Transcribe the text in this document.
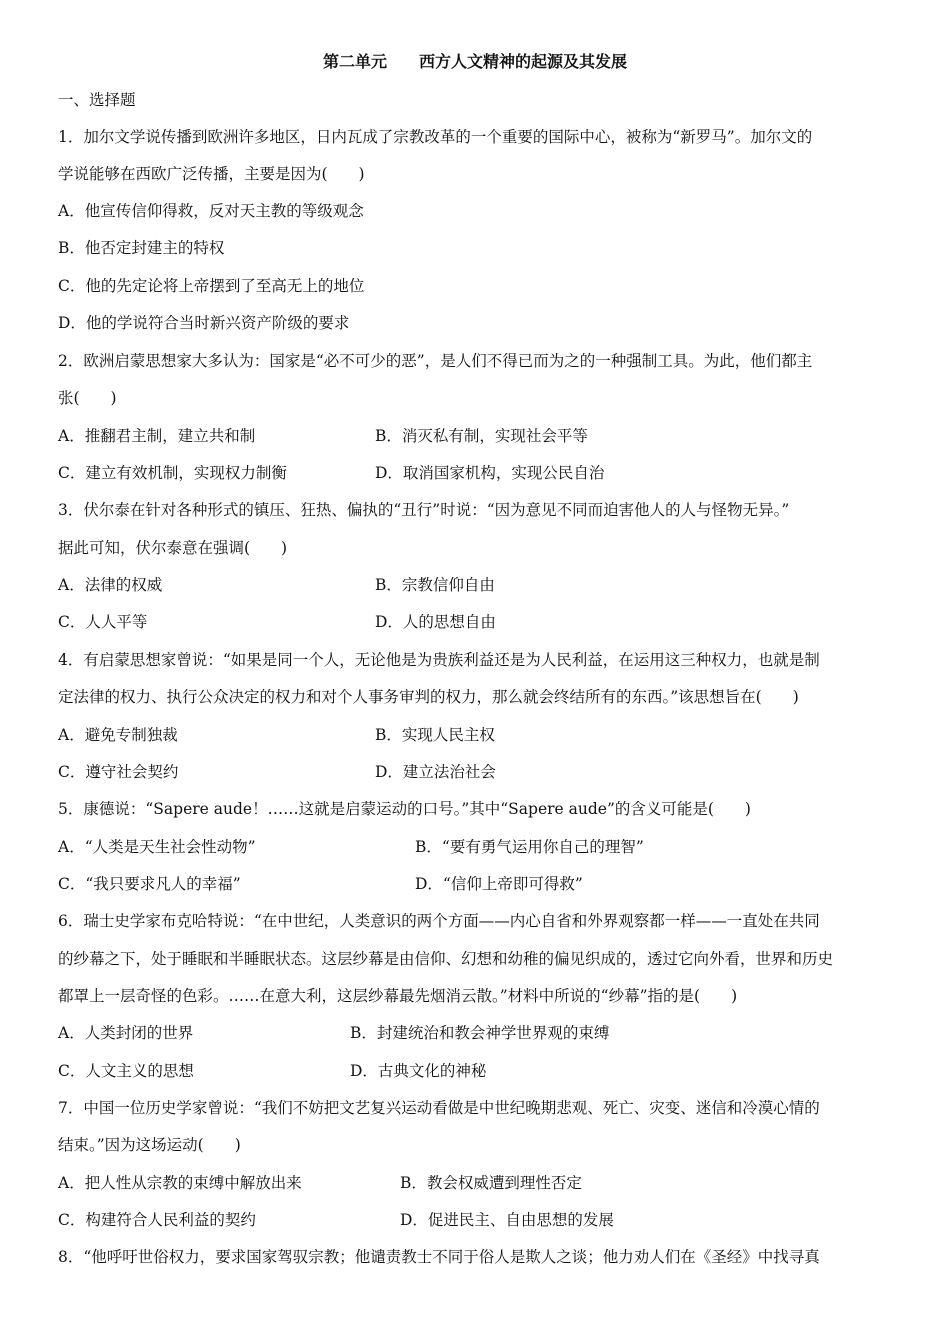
第二单元　　西方人文精神的起源及其发展
一、选择题
1．加尔文学说传播到欧洲许多地区，日内瓦成了宗教改革的一个重要的国际中心，被称为“新罗马”。加尔文的
学说能够在西欧广泛传播，主要是因为(　　)
A．他宣传信仰得救，反对天主教的等级观念
B．他否定封建主的特权
C．他的先定论将上帝摆到了至高无上的地位
D．他的学说符合当时新兴资产阶级的要求
2．欧洲启蒙思想家大多认为：国家是“必不可少的恶”，是人们不得已而为之的一种强制工具。为此，他们都主
张(　　)
A．推翻君主制，建立共和制	B．消灭私有制，实现社会平等
C．建立有效机制，实现权力制衡	D．取消国家机构，实现公民自治
3．伏尔泰在针对各种形式的镇压、狂热、偏执的“丑行”时说：“因为意见不同而迫害他人的人与怪物无异。”
据此可知，伏尔泰意在强调(　　)
A．法律的权威	B．宗教信仰自由
C．人人平等	D．人的思想自由
4．有启蒙思想家曾说：“如果是同一个人，无论他是为贵族利益还是为人民利益，在运用这三种权力，也就是制
定法律的权力、执行公众决定的权力和对个人事务审判的权力，那么就会终结所有的东西。”该思想旨在(　　)
A．避免专制独裁	B．实现人民主权
C．遵守社会契约	D．建立法治社会
5．康德说：“Sapere aude！……这就是启蒙运动的口号。”其中“Sapere aude”的含义可能是(　　)
A．“人类是天生社会性动物”	B．“要有勇气运用你自己的理智”
C．“我只要求凡人的幸福”	D．“信仰上帝即可得救”
6．瑞士史学家布克哈特说：“在中世纪，人类意识的两个方面——内心自省和外界观察都一样——一直处在共同
的纱幕之下，处于睡眠和半睡眠状态。这层纱幕是由信仰、幻想和幼稚的偏见织成的，透过它向外看，世界和历史
都罩上一层奇怪的色彩。……在意大利，这层纱幕最先烟消云散。”材料中所说的“纱幕”指的是(　　)
A．人类封闭的世界	B．封建统治和教会神学世界观的束缚
C．人文主义的思想	D．古典文化的神秘
7．中国一位历史学家曾说：“我们不妨把文艺复兴运动看做是中世纪晚期悲观、死亡、灾变、迷信和冷漠心情的
结束。”因为这场运动(　　)
A．把人性从宗教的束缚中解放出来	B．教会权威遭到理性否定
C．构建符合人民利益的契约	D．促进民主、自由思想的发展
8．“他呼吁世俗权力，要求国家驾驭宗教；他谴责教士不同于俗人是欺人之谈；他力劝人们在《圣经》中找寻真
